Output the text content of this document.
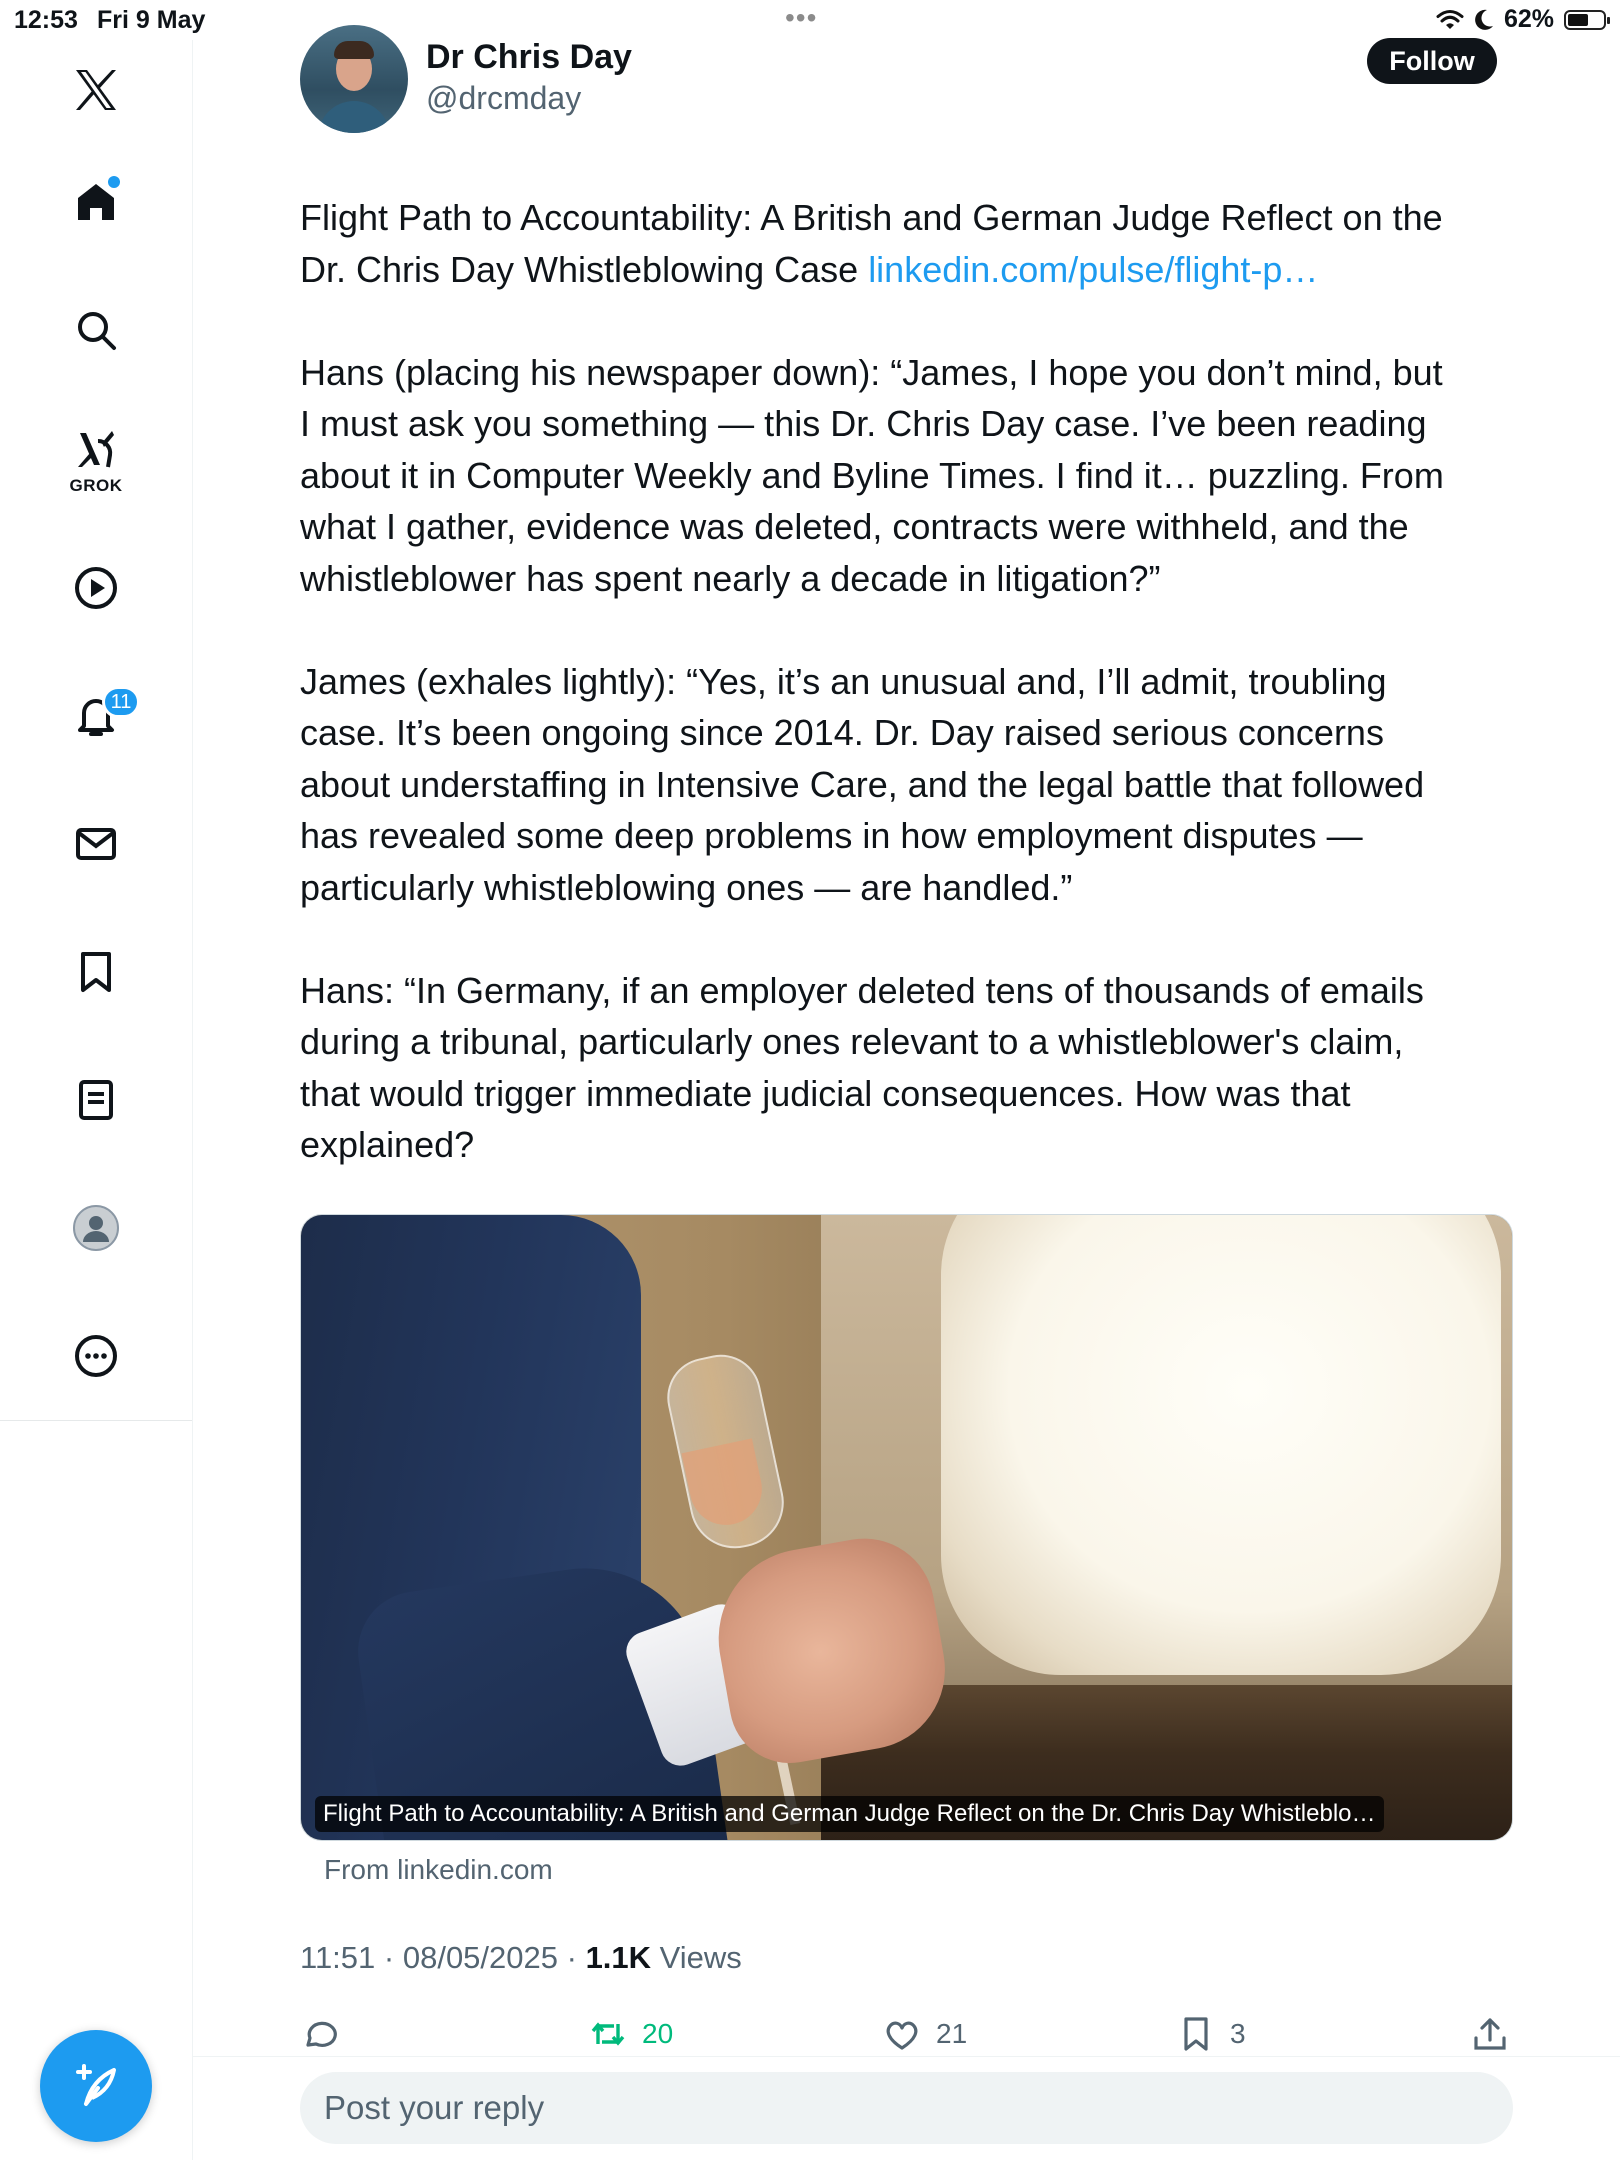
12:53 Fri 9 May	•••	62%
GROK
11
Dr Chris Day
@drcmday
Follow

Flight Path to Accountability: A British and German Judge Reflect on the
Dr. Chris Day Whistleblowing Case linkedin.com/pulse/flight-p…

Hans (placing his newspaper down): “James, I hope you don’t mind, but
I must ask you something — this Dr. Chris Day case. I’ve been reading
about it in Computer Weekly and Byline Times. I find it… puzzling. From
what I gather, evidence was deleted, contracts were withheld, and the
whistleblower has spent nearly a decade in litigation?”

James (exhales lightly): “Yes, it’s an unusual and, I’ll admit, troubling
case. It’s been ongoing since 2014. Dr. Day raised serious concerns
about understaffing in Intensive Care, and the legal battle that followed
has revealed some deep problems in how employment disputes —
particularly whistleblowing ones — are handled.”

Hans: “In Germany, if an employer deleted tens of thousands of emails
during a tribunal, particularly ones relevant to a whistleblower's claim,
that would trigger immediate judicial consequences. How was that
explained?

Flight Path to Accountability: A British and German Judge Reflect on the Dr. Chris Day Whistleblo…
From linkedin.com
11:51 · 08/05/2025 · 1.1K Views
20	21	3
Post your reply
